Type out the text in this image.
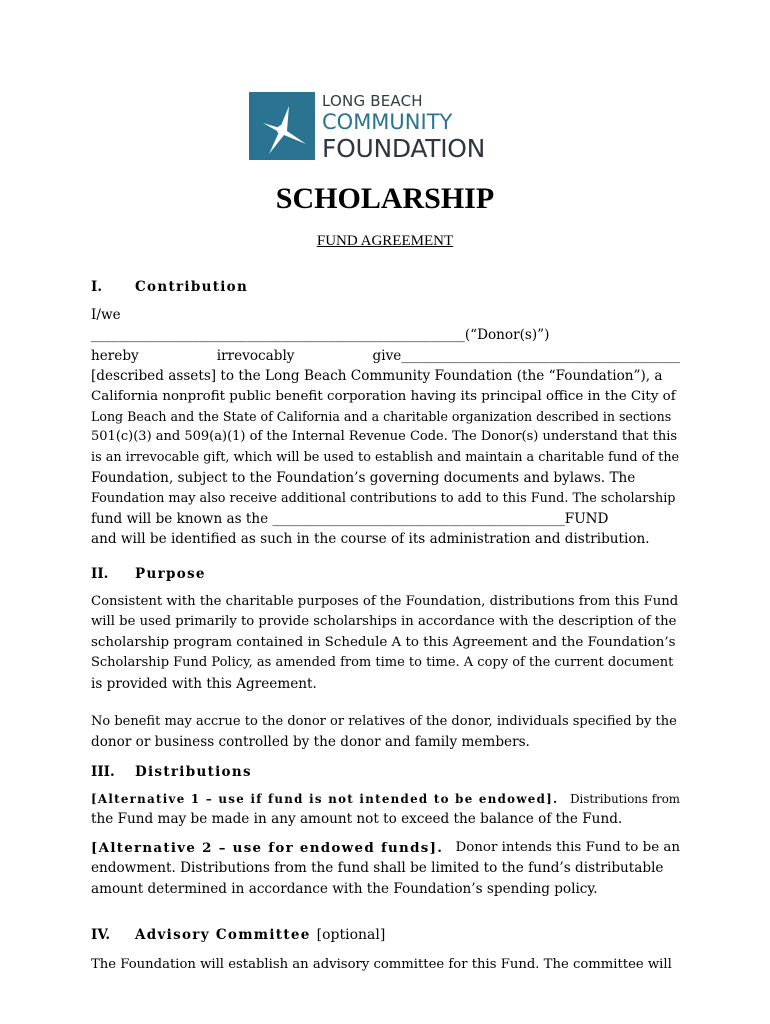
LONG BEACH
COMMUNITY
FOUNDATION
SCHOLARSHIP
FUND AGREEMENT
I. Contribution
I/we
_______________________________________________________(“Donor(s)”)
hereby	irrevocably	give_________________________________________
[described assets] to the Long Beach Community Foundation (the “Foundation”), a
California nonprofit public benefit corporation having its principal office in the City of
Long Beach and the State of California and a charitable organization described in sections
501(c)(3) and 509(a)(1) of the Internal Revenue Code. The Donor(s) understand that this
is an irrevocable gift, which will be used to establish and maintain a charitable fund of the
Foundation, subject to the Foundation’s governing documents and bylaws. The
Foundation may also receive additional contributions to add to this Fund. The scholarship
fund will be known as the ___________________________________________FUND
and will be identified as such in the course of its administration and distribution.
II. Purpose
Consistent with the charitable purposes of the Foundation, distributions from this Fund
will be used primarily to provide scholarships in accordance with the description of the
scholarship program contained in Schedule A to this Agreement and the Foundation’s
Scholarship Fund Policy, as amended from time to time. A copy of the current document
is provided with this Agreement.
No benefit may accrue to the donor or relatives of the donor, individuals specified by the
donor or business controlled by the donor and family members.
III. Distributions
[Alternative 1 – use if fund is not intended to be endowed]. Distributions from
the Fund may be made in any amount not to exceed the balance of the Fund.
[Alternative 2 – use for endowed funds]. Donor intends this Fund to be an
endowment. Distributions from the fund shall be limited to the fund’s distributable
amount determined in accordance with the Foundation’s spending policy.
IV. Advisory Committee [optional]
The Foundation will establish an advisory committee for this Fund. The committee will
